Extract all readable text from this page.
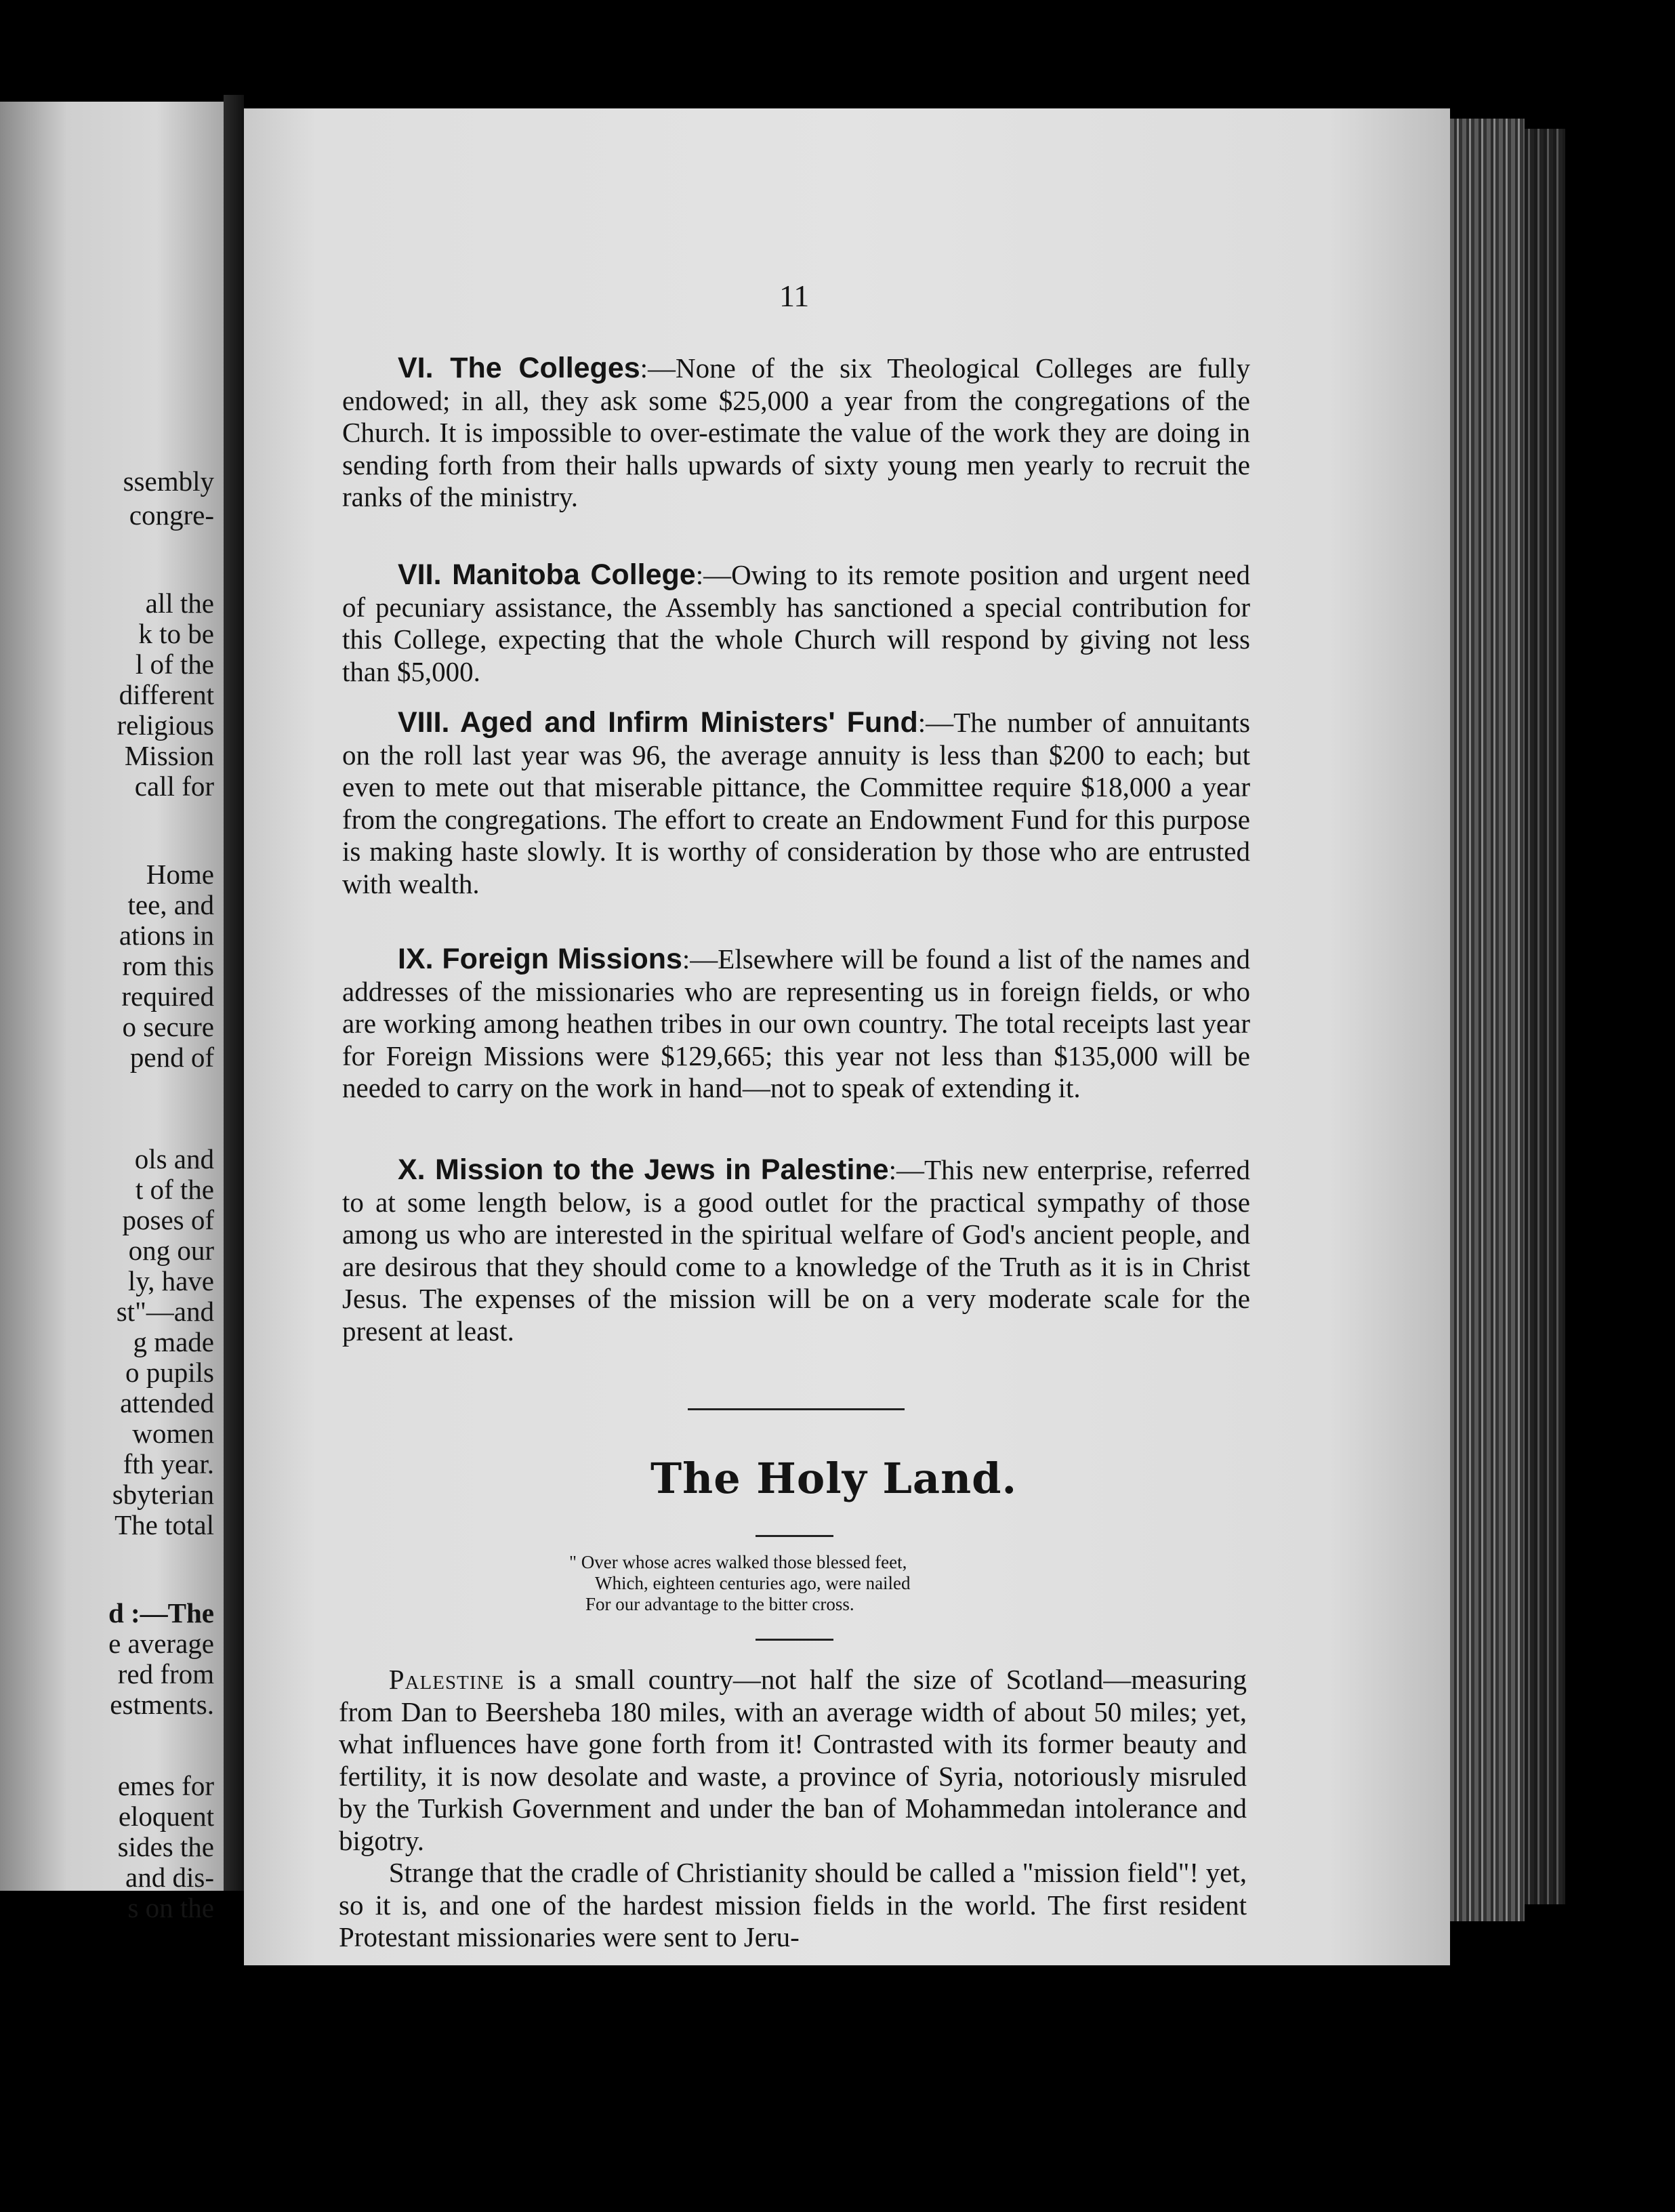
ssembly
congre-
all the
k to be
l of the
different
religious
Mission
call for
Home
tee, and
ations in
rom this
required
o secure
pend of
ols and
t of the
poses of
ong our
ly, have
st"—and
g made
o pupils
attended
women
fth year.
sbyterian
The total
d :—The
e average
red from
estments.
emes for
eloquent
sides the
and dis-
s on the
11

VI. The Colleges:—None of the six Theological Colleges are fully endowed; in all, they ask some $25,000 a year from the congregations of the Church. It is impossible to over-estimate the value of the work they are doing in sending forth from their halls upwards of sixty young men yearly to recruit the ranks of the ministry.

VII. Manitoba College:—Owing to its remote position and urgent need of pecuniary assistance, the Assembly has sanctioned a special contribution for this College, expecting that the whole Church will respond by giving not less than $5,000.

VIII. Aged and Infirm Ministers' Fund:—The number of annuitants on the roll last year was 96, the average annuity is less than $200 to each; but even to mete out that miserable pittance, the Committee require $18,000 a year from the congregations. The effort to create an Endowment Fund for this purpose is making haste slowly. It is worthy of consideration by those who are entrusted with wealth.

IX. Foreign Missions:—Elsewhere will be found a list of the names and addresses of the missionaries who are representing us in foreign fields, or who are working among heathen tribes in our own country. The total receipts last year for Foreign Missions were $129,665; this year not less than $135,000 will be needed to carry on the work in hand—not to speak of extending it.

X. Mission to the Jews in Palestine:—This new enterprise, referred to at some length below, is a good outlet for the practical sympathy of those among us who are interested in the spiritual welfare of God's ancient people, and are desirous that they should come to a knowledge of the Truth as it is in Christ Jesus. The expenses of the mission will be on a very moderate scale for the present at least.

The Holy Land.
" Over whose acres walked those blessed feet,
Which, eighteen centuries ago, were nailed
For our advantage to the bitter cross.

Palestine is a small country—not half the size of Scotland—measuring from Dan to Beersheba 180 miles, with an average width of about 50 miles; yet, what influences have gone forth from it! Contrasted with its former beauty and fertility, it is now desolate and waste, a province of Syria, notoriously misruled by the Turkish Government and under the ban of Mohammedan intolerance and bigotry.

Strange that the cradle of Christianity should be called a "mission field"! yet, so it is, and one of the hardest mission fields in the world. The first resident Protestant missionaries were sent to Jeru-
